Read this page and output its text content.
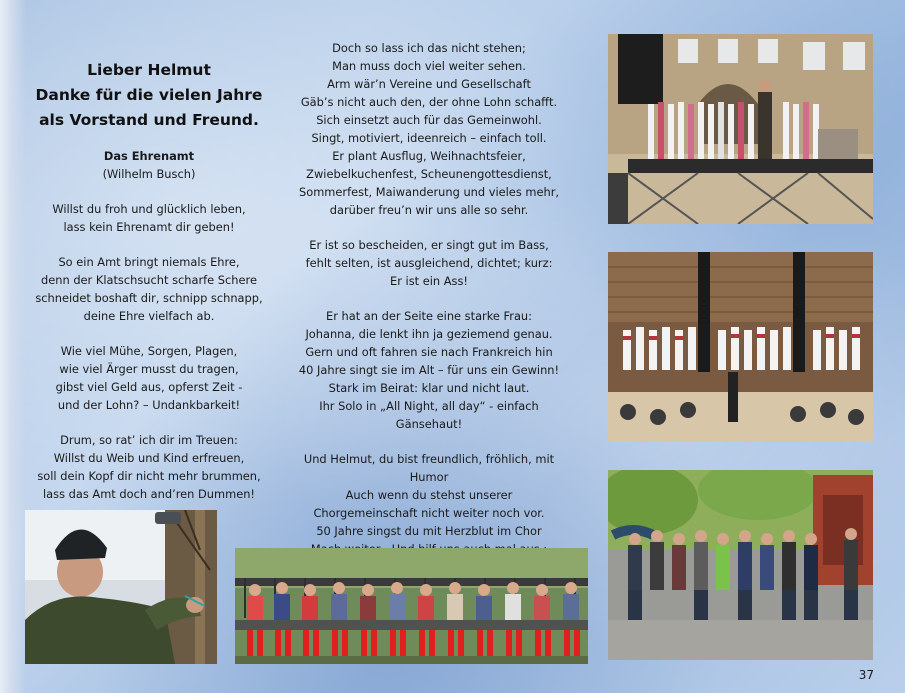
Lieber Helmut
Danke für die vielen Jahre
als Vorstand und Freund.
Das Ehrenamt
(Wilhelm Busch)
Willst du froh und glücklich leben,
lass kein Ehrenamt dir geben!
So ein Amt bringt niemals Ehre,
denn der Klatschsucht scharfe Schere
schneidet boshaft dir, schnipp schnapp,
deine Ehre vielfach ab.
Wie viel Mühe, Sorgen, Plagen,
wie viel Ärger musst du tragen,
gibst viel Geld aus, opferst Zeit -
und der Lohn? – Undankbarkeit!
Drum, so rat’ ich dir im Treuen:
Willst du Weib und Kind erfreuen,
soll dein Kopf dir nicht mehr brummen,
lass das Amt doch and’ren Dummen!
Doch so lass ich das nicht stehen;
Man muss doch viel weiter sehen.
Arm wär’n Vereine und Gesellschaft
Gäb’s nicht auch den, der ohne Lohn schafft.
Sich einsetzt auch für das Gemeinwohl.
Singt, motiviert, ideenreich – einfach toll.
Er plant Ausflug, Weihnachtsfeier,
Zwiebelkuchenfest, Scheunengottesdienst,
Sommerfest, Maiwanderung und vieles mehr,
darüber freu’n wir uns alle so sehr.
Er ist so bescheiden, er singt gut im Bass,
fehlt selten, ist ausgleichend, dichtet; kurz:
Er ist ein Ass!
Er hat an der Seite eine starke Frau:
Johanna, die lenkt ihn ja geziemend genau.
Gern und oft fahren sie nach Frankreich hin
40 Jahre singt sie im Alt – für uns ein Gewinn!
Stark im Beirat: klar und nicht laut.
Ihr Solo in „All Night, all day“ - einfach
Gänsehaut!
Und Helmut, du bist freundlich, fröhlich, mit
Humor
Auch wenn du stehst unserer
Chorgemeinschaft nicht weiter noch vor.
50 Jahre singst du mit Herzblut im Chor
37
